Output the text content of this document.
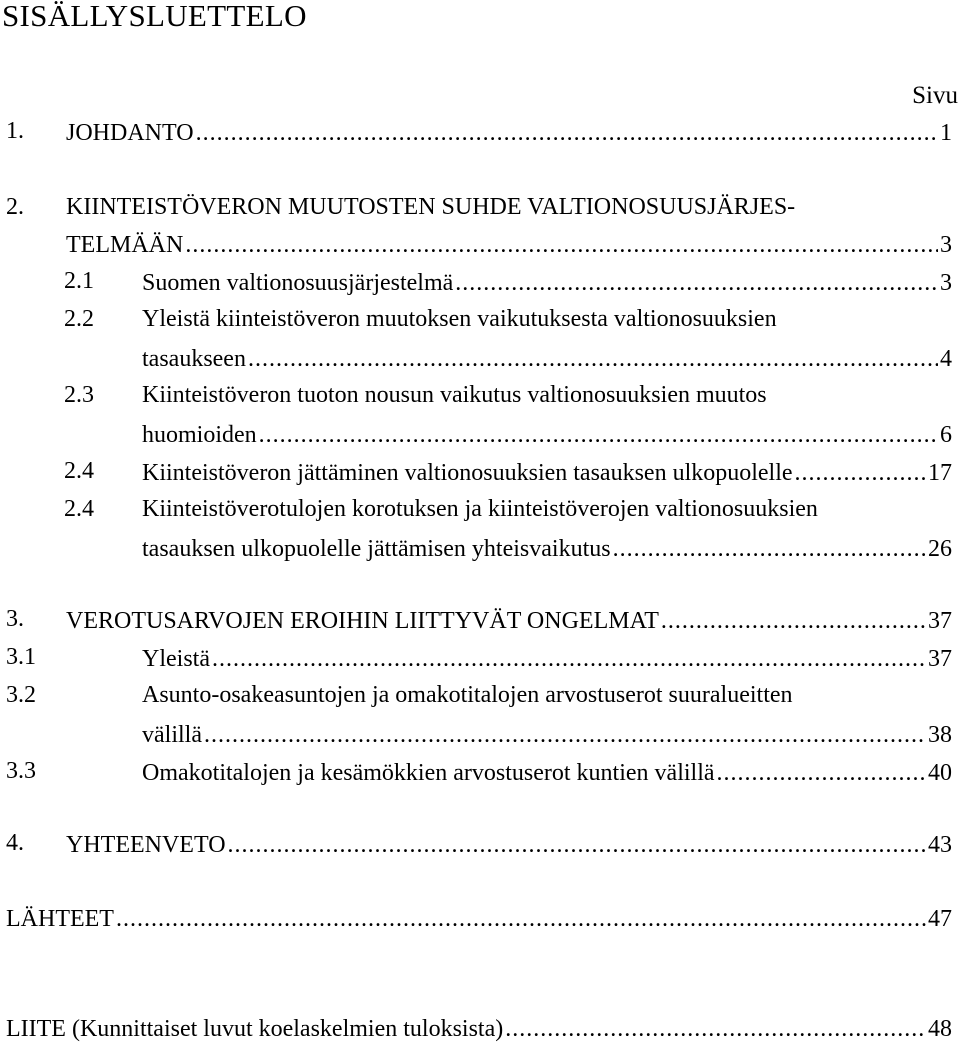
SISÄLLYSLUETTELO
Sivu
1. JOHDANTO .....	1
2. KIINTEISTÖVERON MUUTOSTEN SUHDE VALTIONOSUUSJÄRJES-
TELMÄÄN .....	3
2.1 Suomen valtionosuusjärjestelmä .....	3
2.2 Yleistä kiinteistöveron muutoksen vaikutuksesta valtionosuuksien
tasaukseen .....	4
2.3 Kiinteistöveron tuoton nousun vaikutus valtionosuuksien muutos
huomioiden .....	6
2.4 Kiinteistöveron jättäminen valtionosuuksien tasauksen ulkopuolelle .....	17
2.4 Kiinteistöverotulojen korotuksen ja kiinteistöverojen valtionosuuksien
tasauksen ulkopuolelle jättämisen yhteisvaikutus .....	26
3. VEROTUSARVOJEN EROIHIN LIITTYVÄT ONGELMAT .....	37
3.1	Yleistä .....	37
3.2	Asunto-osakeasuntojen ja omakotitalojen arvostuserot suuralueitten
välillä .....	38
3.3	Omakotitalojen ja kesämökkien arvostuserot kuntien välillä .....	40
4. YHTEENVETO .....	43
LÄHTEET .....	47
LIITE (Kunnittaiset luvut koelaskelmien tuloksista) .....	48
